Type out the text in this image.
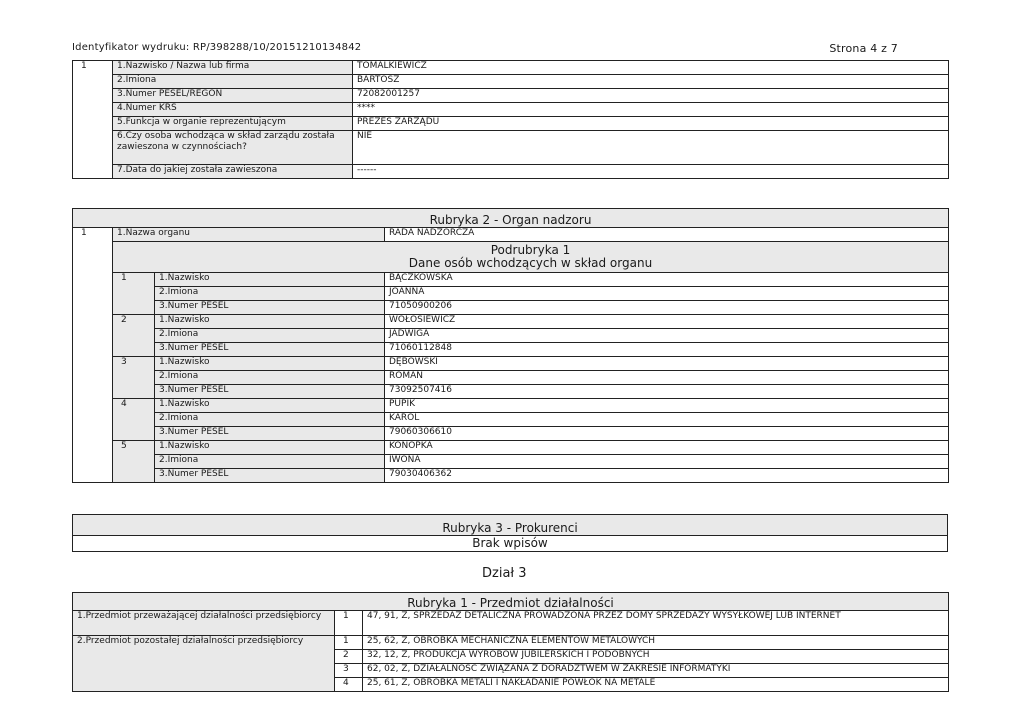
Identyfikator wydruku: RP/398288/10/20151210134842	Strona 4 z 7
1	1.Nazwisko / Nazwa lub firma	TOMALKIEWICZ
	2.Imiona	BARTOSZ
	3.Numer PESEL/REGON	72082001257
	4.Numer KRS	****
	5.Funkcja w organie reprezentującym	PREZES ZARZĄDU
	6.Czy osoba wchodząca w skład zarządu została zawieszona w czynnościach?	NIE
	7.Data do jakiej została zawieszona	------
Rubryka 2 - Organ nadzoru			
1	1.Nazwa organu		RADA NADZORCZA

	Podrubryka 1
Dane osób wchodzących w skład organu		

	1	1.Nazwisko	BĄCZKOWSKA
		2.Imiona	JOANNA
		3.Numer PESEL	71050900206
	2	1.Nazwisko	WOŁOSIEWICZ
		2.Imiona	JADWIGA
		3.Numer PESEL	71060112848
	3	1.Nazwisko	DĘBOWSKI
		2.Imiona	ROMAN
		3.Numer PESEL	73092507416
	4	1.Nazwisko	PUPIK
		2.Imiona	KAROL
		3.Numer PESEL	79060306610
	5	1.Nazwisko	KONOPKA
		2.Imiona	IWONA
		3.Numer PESEL	79030406362
Rubryka 3 - Prokurenci
Brak wpisów
Dział 3
Rubryka 1 - Przedmiot działalności		
1.Przedmiot przeważającej działalności przedsiębiorcy	1	47, 91, Z, SPRZEDAŻ DETALICZNA PROWADZONA PRZEZ DOMY SPRZEDAŻY WYSYŁKOWEJ LUB INTERNET
2.Przedmiot pozostałej działalności przedsiębiorcy	1	25, 62, Z, OBRÓBKA MECHANICZNA ELEMENTÓW METALOWYCH
	2	32, 12, Z, PRODUKCJA WYROBÓW JUBILERSKICH I PODOBNYCH
	3	62, 02, Z, DZIAŁALNOŚĆ ZWIĄZANA Z DORADZTWEM W ZAKRESIE INFORMATYKI
	4	25, 61, Z, OBRÓBKA METALI I NAKŁADANIE POWŁOK NA METALE
